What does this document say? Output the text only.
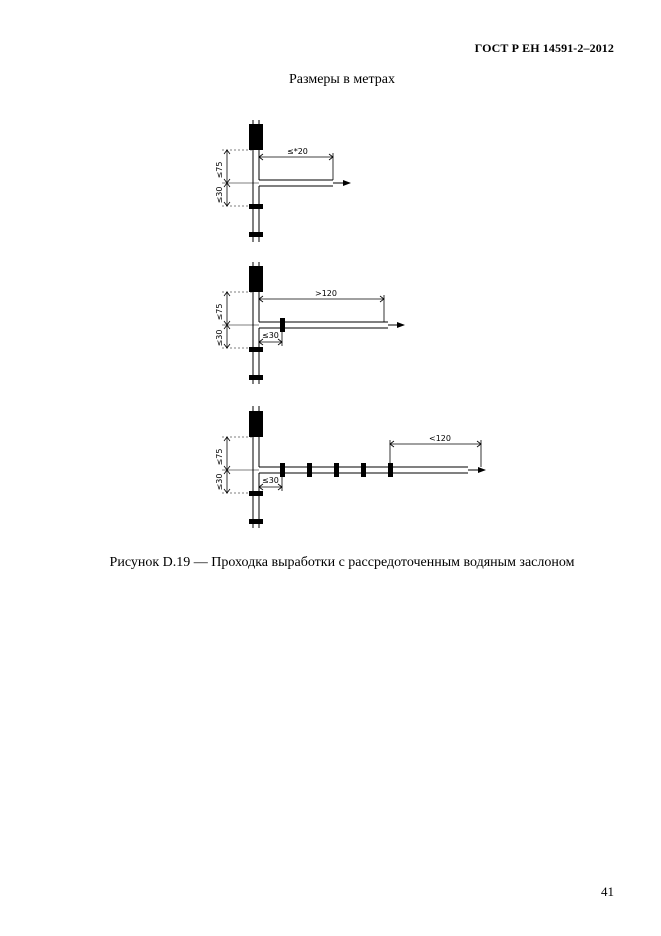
ГОСТ Р ЕН 14591-2–2012
Размеры в метрах
≤75
≤30
≤*20
≤75
≤30	≤30
>120
≤75
≤30	≤30
<120
Рисунок D.19 — Проходка выработки с рассредоточенным водяным заслоном
41
